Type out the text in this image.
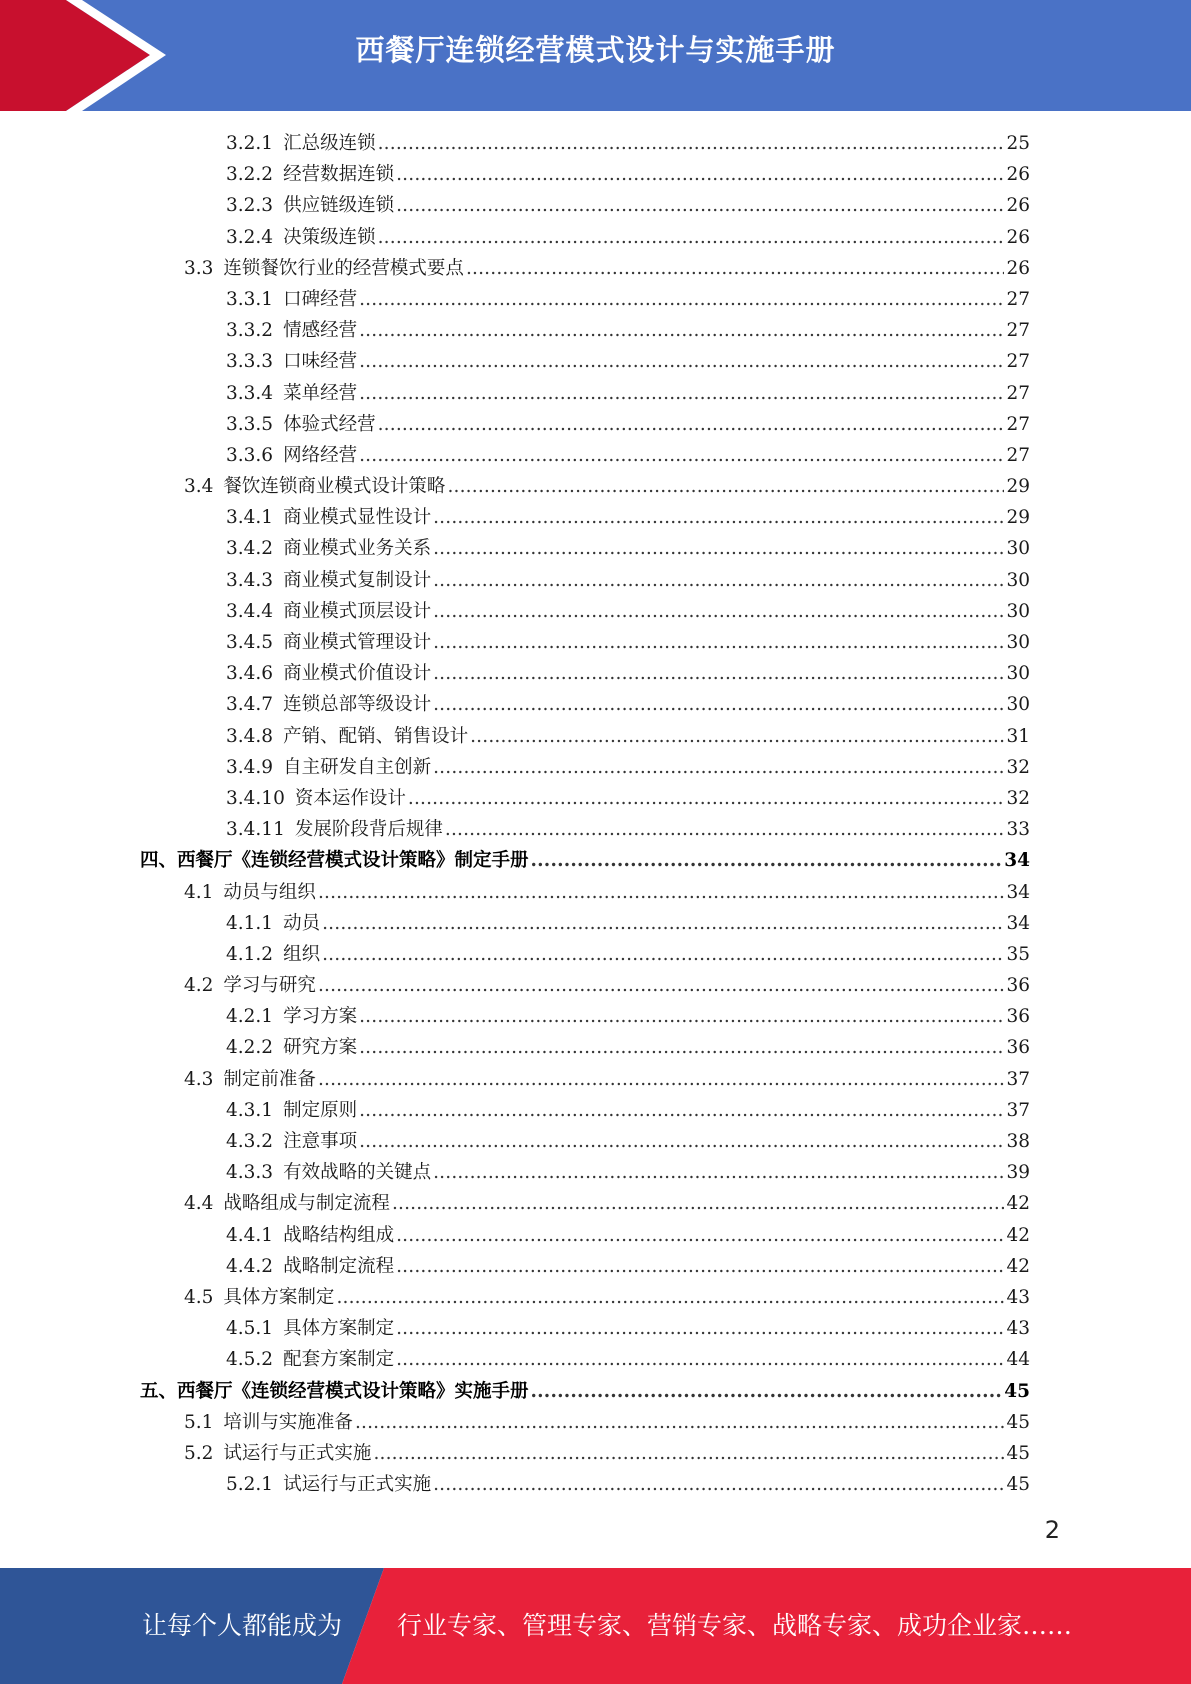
西餐厅连锁经营模式设计与实施手册
3.2.1 汇总级连锁 .....	25
3.2.2 经营数据连锁 .....	26
3.2.3 供应链级连锁 .....	26
3.2.4 决策级连锁 .....	26
3.3 连锁餐饮行业的经营模式要点 .....	26
3.3.1 口碑经营 .....	27
3.3.2 情感经营 .....	27
3.3.3 口味经营 .....	27
3.3.4 菜单经营 .....	27
3.3.5 体验式经营 .....	27
3.3.6 网络经营 .....	27
3.4 餐饮连锁商业模式设计策略 .....	29
3.4.1 商业模式显性设计 .....	29
3.4.2 商业模式业务关系 .....	30
3.4.3 商业模式复制设计 .....	30
3.4.4 商业模式顶层设计 .....	30
3.4.5 商业模式管理设计 .....	30
3.4.6 商业模式价值设计 .....	30
3.4.7 连锁总部等级设计 .....	30
3.4.8 产销、配销、销售设计 .....	31
3.4.9 自主研发自主创新 .....	32
3.4.10 资本运作设计 .....	32
3.4.11 发展阶段背后规律 .....	33
四、西餐厅《连锁经营模式设计策略》制定手册 .....	34
4.1 动员与组织 .....	34
4.1.1 动员 .....	34
4.1.2 组织 .....	35
4.2 学习与研究 .....	36
4.2.1 学习方案 .....	36
4.2.2 研究方案 .....	36
4.3 制定前准备 .....	37
4.3.1 制定原则 .....	37
4.3.2 注意事项 .....	38
4.3.3 有效战略的关键点 .....	39
4.4 战略组成与制定流程 .....	42
4.4.1 战略结构组成 .....	42
4.4.2 战略制定流程 .....	42
4.5 具体方案制定 .....	43
4.5.1 具体方案制定 .....	43
4.5.2 配套方案制定 .....	44
五、西餐厅《连锁经营模式设计策略》实施手册 .....	45
5.1 培训与实施准备 .....	45
5.2 试运行与正式实施 .....	45
5.2.1 试运行与正式实施 .....	45
2
让每个人都能成为 行业专家、管理专家、营销专家、战略专家、成功企业家……
